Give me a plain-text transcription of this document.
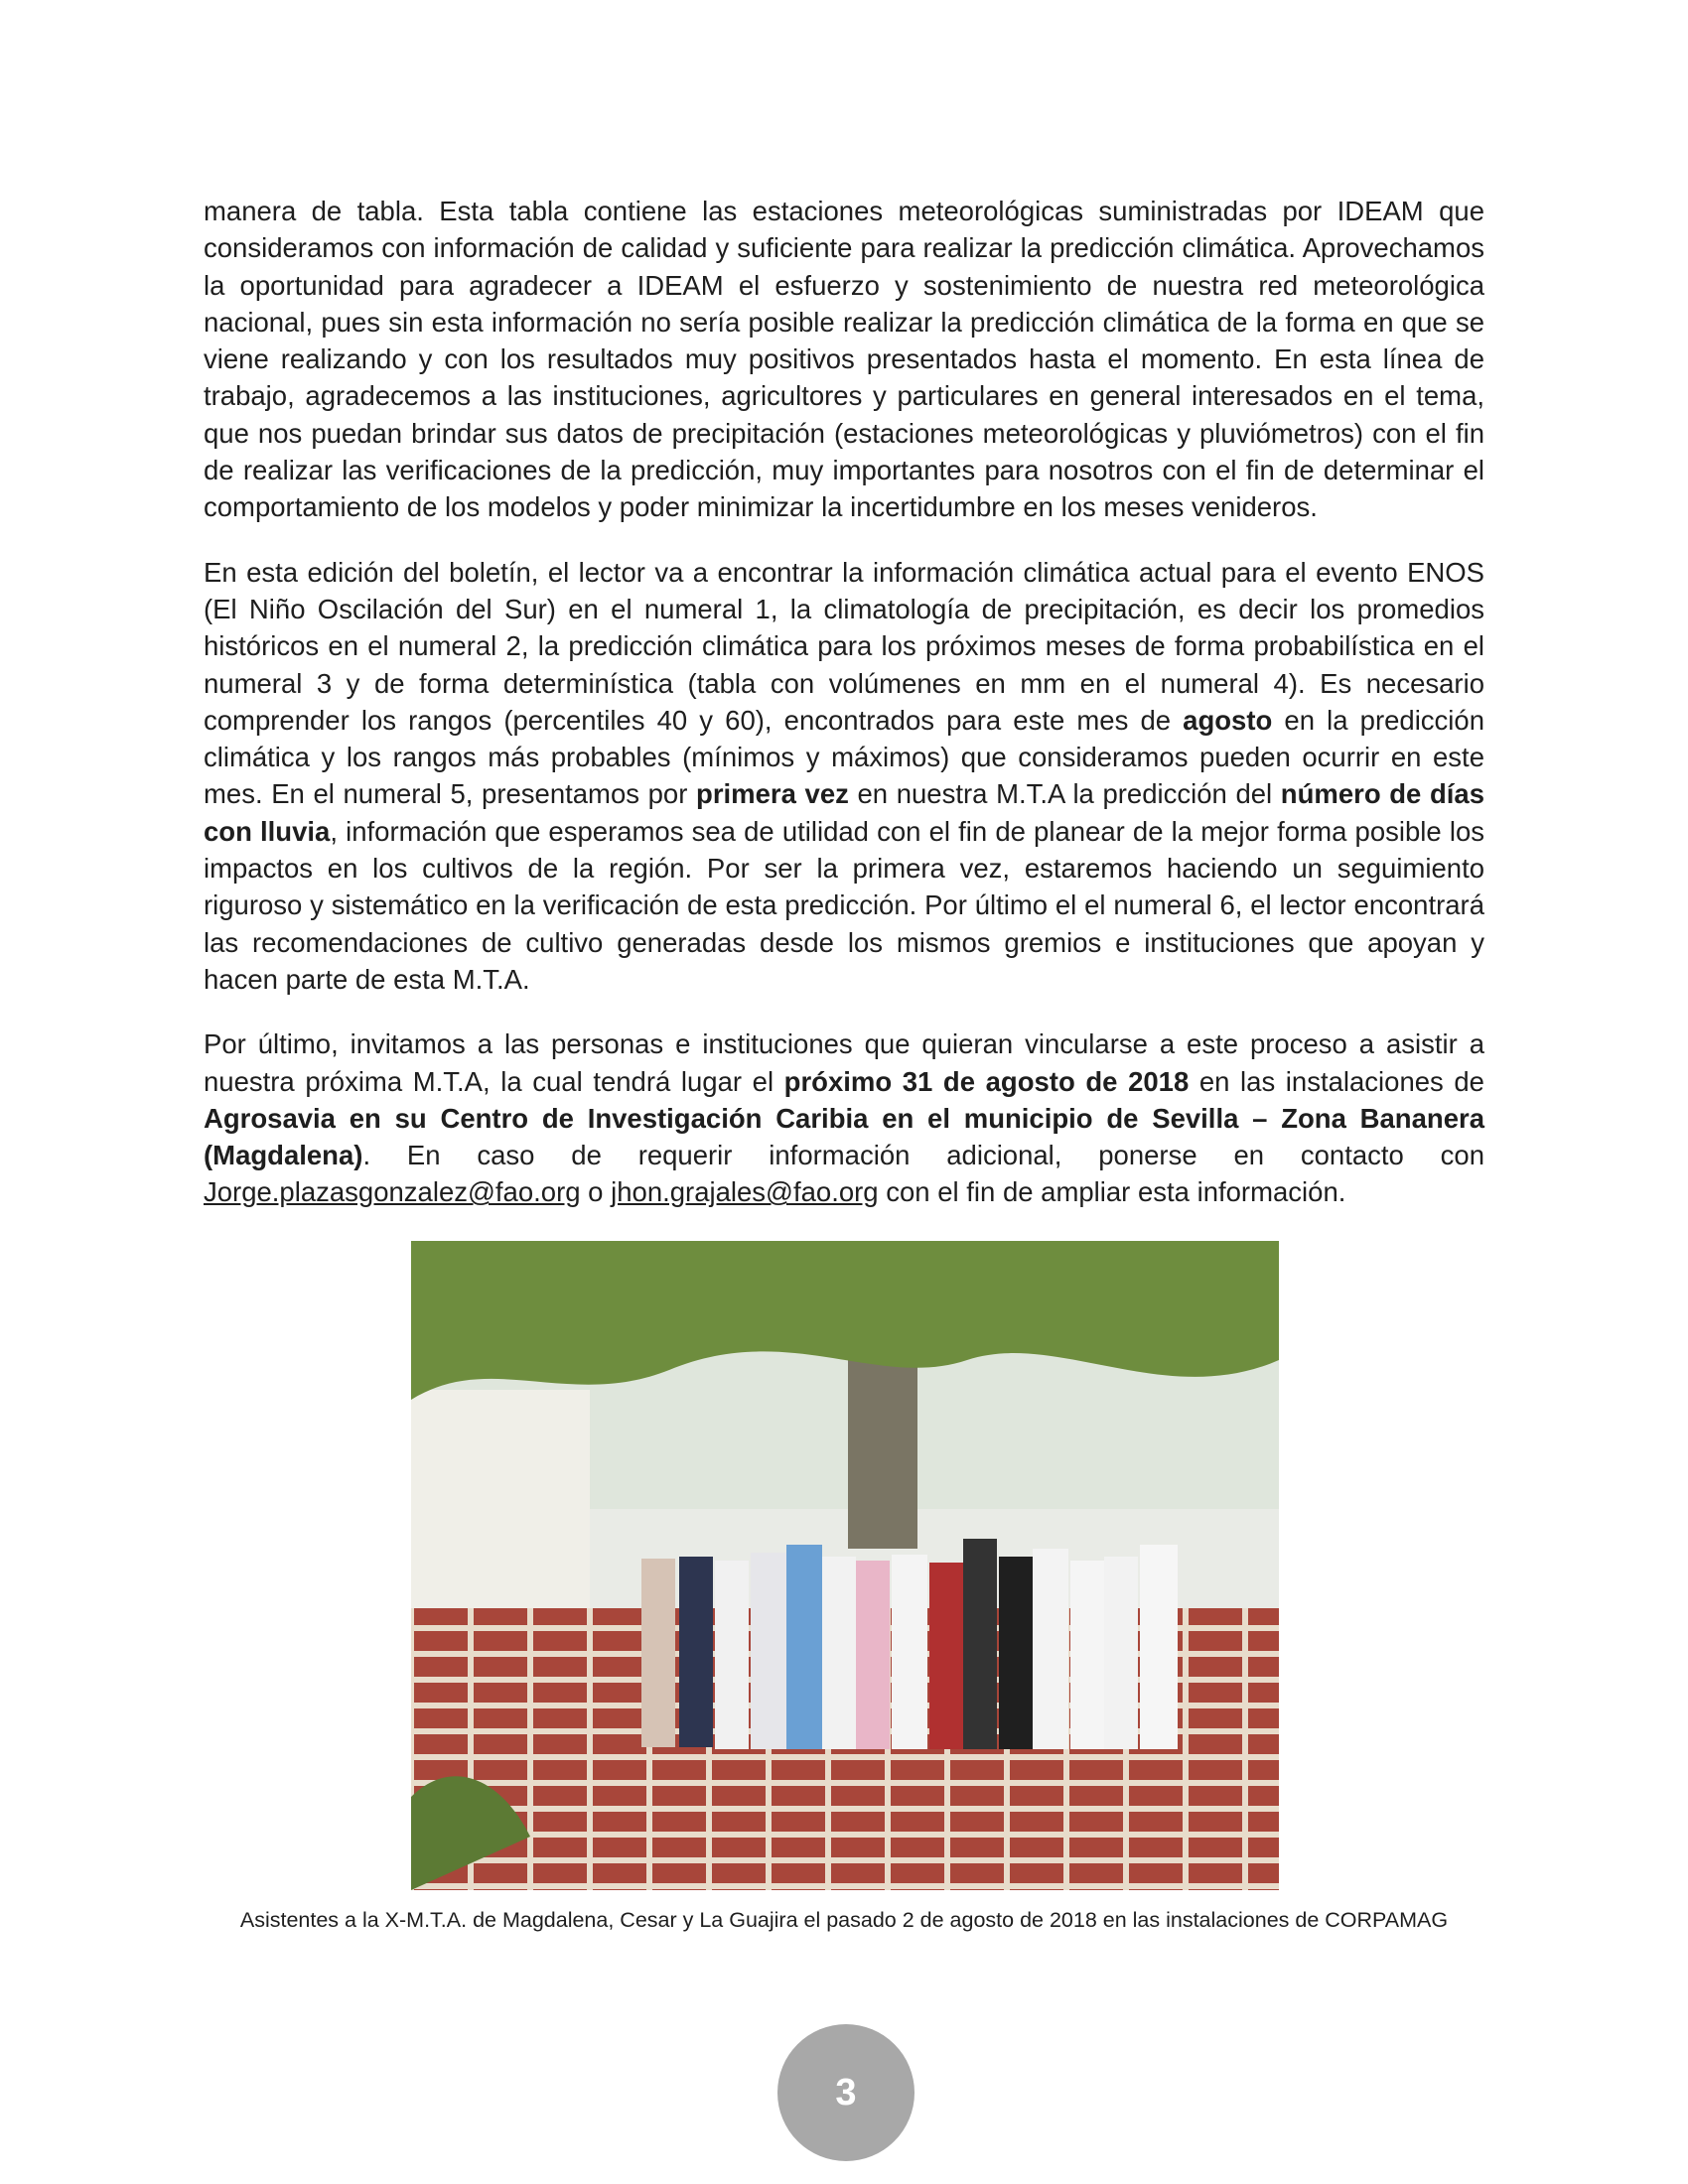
manera de tabla. Esta tabla contiene las estaciones meteorológicas suministradas por IDEAM que consideramos con información de calidad y suficiente para realizar la predicción climática. Aprovechamos la oportunidad para agradecer a IDEAM el esfuerzo y sostenimiento de nuestra red meteorológica nacional, pues sin esta información no sería posible realizar la predicción climática de la forma en que se viene realizando y con los resultados muy positivos presentados hasta el momento. En esta línea de trabajo, agradecemos a las instituciones, agricultores y particulares en general interesados en el tema, que nos puedan brindar sus datos de precipitación (estaciones meteorológicas y pluviómetros) con el fin de realizar las verificaciones de la predicción, muy importantes para nosotros con el fin de determinar el comportamiento de los modelos y poder minimizar la incertidumbre en los meses venideros.

En esta edición del boletín, el lector va a encontrar la información climática actual para el evento ENOS (El Niño Oscilación del Sur) en el numeral 1, la climatología de precipitación, es decir los promedios históricos en el numeral 2, la predicción climática para los próximos meses de forma probabilística en el numeral 3 y de forma determinística (tabla con volúmenes en mm en el numeral 4). Es necesario comprender los rangos (percentiles 40 y 60), encontrados para este mes de agosto en la predicción climática y los rangos más probables (mínimos y máximos) que consideramos pueden ocurrir en este mes. En el numeral 5, presentamos por primera vez en nuestra M.T.A la predicción del número de días con lluvia, información que esperamos sea de utilidad con el fin de planear de la mejor forma posible los impactos en los cultivos de la región. Por ser la primera vez, estaremos haciendo un seguimiento riguroso y sistemático en la verificación de esta predicción. Por último el el numeral 6, el lector encontrará las recomendaciones de cultivo generadas desde los mismos gremios e instituciones que apoyan y hacen parte de esta M.T.A.

Por último, invitamos a las personas e instituciones que quieran vincularse a este proceso a asistir a nuestra próxima M.T.A, la cual tendrá lugar el próximo 31 de agosto de 2018 en las instalaciones de Agrosavia en su Centro de Investigación Caribia en el municipio de Sevilla – Zona Bananera (Magdalena). En caso de requerir información adicional, ponerse en contacto con Jorge.plazasgonzalez@fao.org o jhon.grajales@fao.org con el fin de ampliar esta información.

Asistentes a la X-M.T.A. de Magdalena, Cesar y La Guajira el pasado 2 de agosto de 2018 en las instalaciones de CORPAMAG
3
